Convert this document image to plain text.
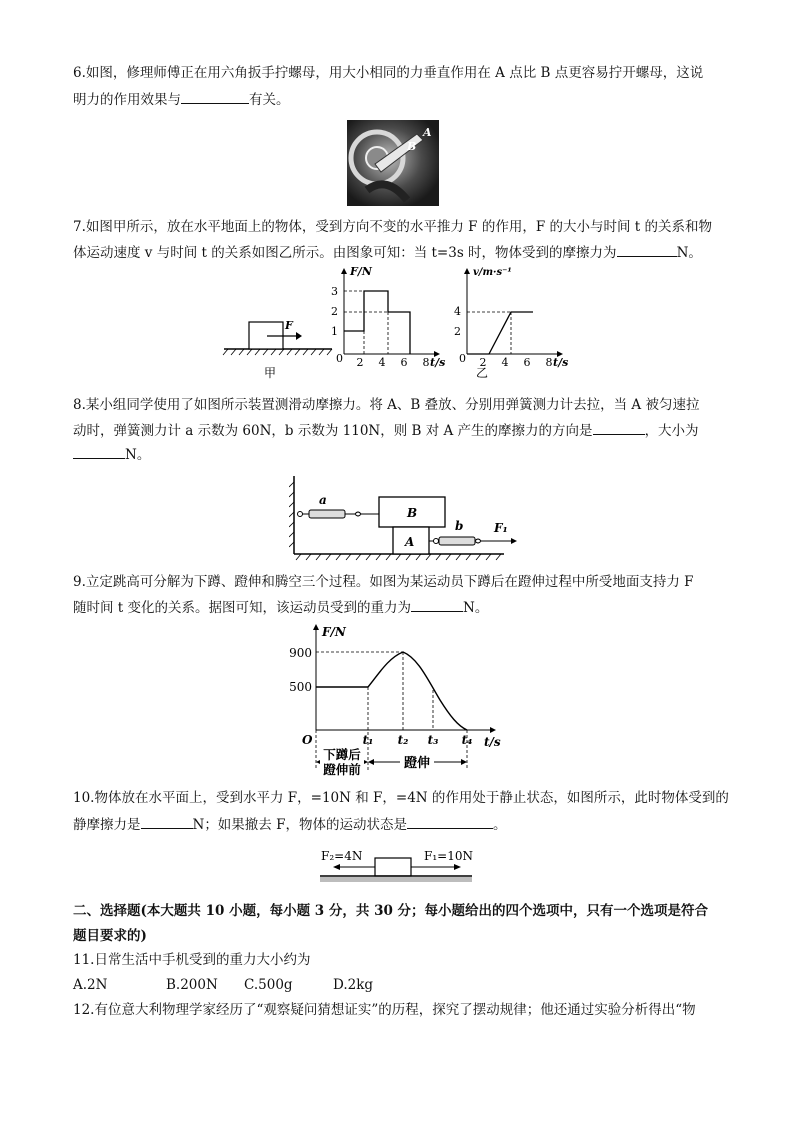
6.如图，修理师傅正在用六角扳手拧螺母，用大小相同的力垂直作用在 A 点比 B 点更容易拧开螺母，这说
明力的作用效果与	有关。
A
B
7.如图甲所示，放在水平地面上的物体，受到方向不变的水平推力 F 的作用，F 的大小与时间 t 的关系和物
体运动速度 v 与时间 t 的关系如图乙所示。由图象可知：当 t=3s 时，物体受到的摩擦力为	N。
F
甲
F/N
1
2
3
0 2 4 6 8 t/s
v/m·s⁻¹
2
4
0 2 4 6 8 t/s
乙
8.某小组同学使用了如图所示装置测滑动摩擦力。将 A、B 叠放、分别用弹簧测力计去拉，当 A 被匀速拉
动时，弹簧测力计 a 示数为 60N，b 示数为 110N，则 B 对 A 产生的摩擦力的方向是	，大小为
N。
B
A
a
b	F₁
9.立定跳高可分解为下蹲、蹬伸和腾空三个过程。如图为某运动员下蹲后在蹬伸过程中所受地面支持力 F
随时间 t 变化的关系。据图可知，该运动员受到的重力为	N。
F/N
t/s
O
900
500
t₁ t₂ t₃ t₄
下蹲后
蹬伸前	蹬伸
10.物体放在水平面上，受到水平力 F，=10N 和 F，=4N 的作用处于静止状态，如图所示，此时物体受到的
静摩擦力是	N；如果撤去 F，物体的运动状态是	。
F₂=4N	F₁=10N
二、选择题(本大题共 10 小题，每小题 3 分，共 30 分；每小题给出的四个选项中，只有一个选项是符合
题目要求的)
11.日常生活中手机受到的重力大小约为
A.2N	B.200N C.500g	D.2kg
12.有位意大利物理学家经历了“观察疑问猜想证实”的历程，探究了摆动规律；他还通过实验分析得出“物
